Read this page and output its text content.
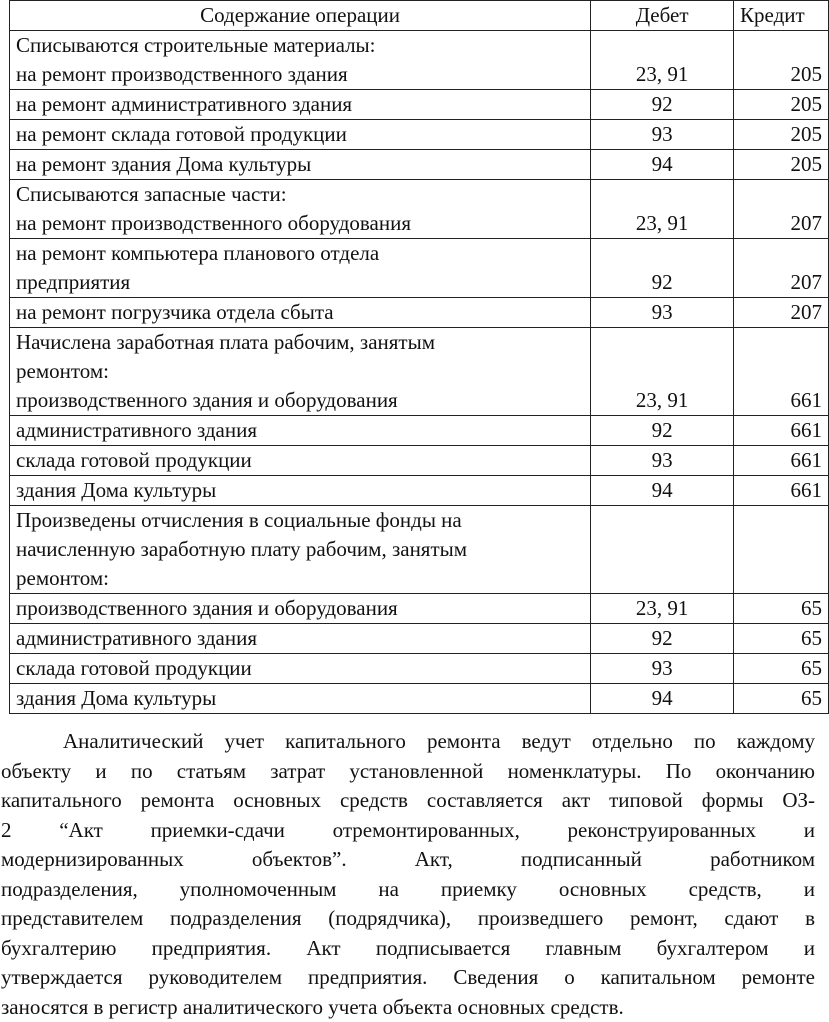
Содержание операции	Дебет	Кредит

Списываются строительные материалы:
на ремонт производственного здания	23, 91	205
на ремонт административного здания	92	205
на ремонт склада готовой продукции	93	205
на ремонт здания Дома культуры	94	205

Списываются запасные части:
на ремонт производственного оборудования	23, 91	207

на ремонт компьютера планового отдела
предприятия	92	207
на ремонт погрузчика отдела сбыта	93	207

Начислена заработная плата рабочим, занятым
ремонтом:
производственного здания и оборудования	23, 91	661
административного здания	92	661
склада готовой продукции	93	661
здания Дома культуры	94	661

Произведены отчисления в социальные фонды на
начисленную заработную плату рабочим, занятым
ремонтом:		

производственного здания и оборудования	23, 91	65
административного здания	92	65
склада готовой продукции	93	65
здания Дома культуры	94	65
Аналитический учет капитального ремонта ведут отдельно по каждому
объекту и по статьям затрат установленной номенклатуры. По окончанию
капитального ремонта основных средств составляется акт типовой формы ОЗ-
2 “Акт приемки-сдачи отремонтированных, реконструированных и
модернизированных объектов”. Акт, подписанный работником
подразделения, уполномоченным на приемку основных средств, и
представителем подразделения (подрядчика), произведшего ремонт, сдают в
бухгалтерию предприятия. Акт подписывается главным бухгалтером и
утверждается руководителем предприятия. Сведения о капитальном ремонте
заносятся в регистр аналитического учета объекта основных средств.
